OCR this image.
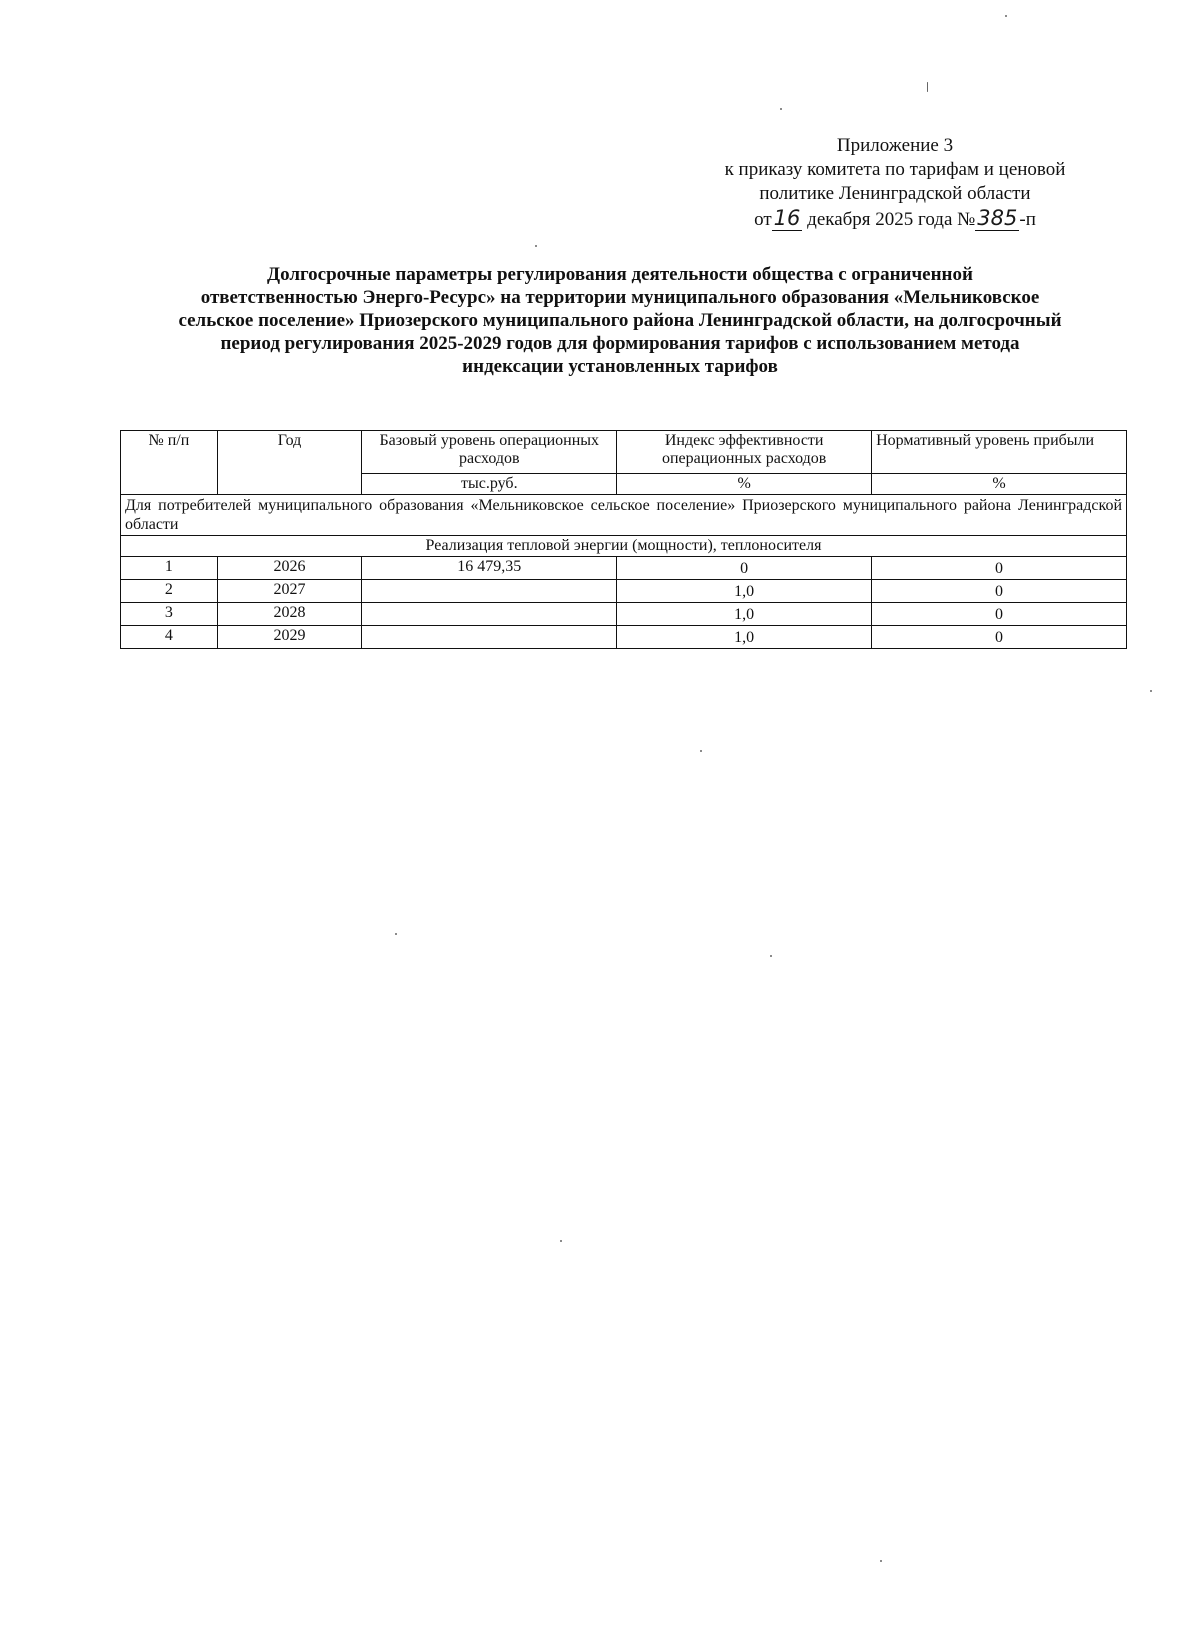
Приложение 3
к приказу комитета по тарифам и ценовой
политике Ленинградской области
от16 декабря 2025 года №385 -п
Долгосрочные параметры регулирования деятельности общества с ограниченной
ответственностью Энерго-Ресурс» на территории муниципального образования «Мельниковское
сельское поселение» Приозерского муниципального района Ленинградской области, на долгосрочный
период регулирования 2025-2029 годов для формирования тарифов с использованием метода
индексации установленных тарифов
№ п/п	Год	Базовый уровень операционных расходов	Индекс эффективности операционных расходов	Нормативный уровень прибыли
		тыс.руб.	%	%
Для потребителей муниципального образования «Мельниковское сельское поселение» Приозерского муниципального района Ленинградской области				
Реализация тепловой энергии (мощности), теплоносителя				
1	2026	16 479,35	0	0
2	2027		1,0	0
3	2028		1,0	0
4	2029		1,0	0
